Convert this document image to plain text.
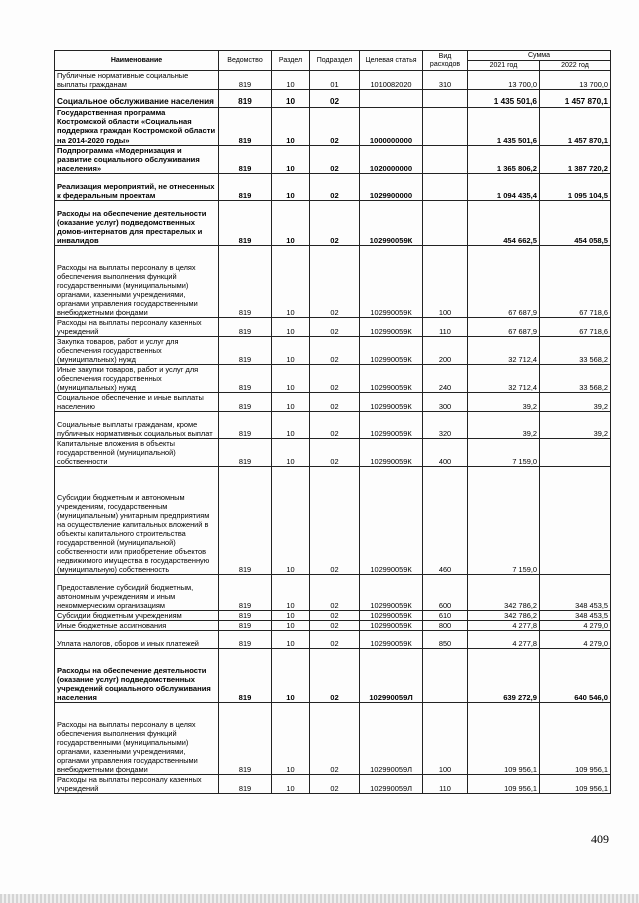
Наименование	Ведомство	Раздел	Подраздел	Целевая статья	Вид расходов	Сумма	
						2021 год	2022 год
Публичные нормативные социальные выплаты гражданам	819	10	01	1010082020	310	13 700,0	13 700,0
Социальное обслуживание населения	819	10	02			1 435 501,6	1 457 870,1
Государственная программа Костромской области «Социальная поддержка граждан Костромской области на 2014-2020 годы»	819	10	02	1000000000		1 435 501,6	1 457 870,1
Подпрограмма «Модернизация и развитие социального обслуживания населения»	819	10	02	1020000000		1 365 806,2	1 387 720,2
Реализация мероприятий, не отнесенных к федеральным проектам	819	10	02	1029900000		1 094 435,4	1 095 104,5
Расходы на обеспечение деятельности (оказание услуг) подведомственных домов-интернатов для престарелых и инвалидов	819	10	02	102990059К		454 662,5	454 058,5
Расходы на выплаты персоналу в целях обеспечения выполнения функций государственными (муниципальными) органами, казенными учреждениями, органами управления государственными внебюджетными фондами	819	10	02	102990059К	100	67 687,9	67 718,6
Расходы на выплаты персоналу казенных учреждений	819	10	02	102990059К	110	67 687,9	67 718,6
Закупка товаров, работ и услуг для обеспечения государственных (муниципальных) нужд	819	10	02	102990059К	200	32 712,4	33 568,2
Иные закупки товаров, работ и услуг для обеспечения государственных (муниципальных) нужд	819	10	02	102990059К	240	32 712,4	33 568,2
Социальное обеспечение и иные выплаты населению	819	10	02	102990059К	300	39,2	39,2
Социальные выплаты гражданам, кроме публичных нормативных социальных выплат	819	10	02	102990059К	320	39,2	39,2
Капитальные вложения в объекты государственной (муниципальной) собственности	819	10	02	102990059К	400	7 159,0	
Субсидии бюджетным и автономным учреждениям, государственным (муниципальным) унитарным предприятиям на осуществление капитальных вложений в объекты капитального строительства государственной (муниципальной) собственности или приобретение объектов недвижимого имущества в государственную (муниципальную) собственность	819	10	02	102990059К	460	7 159,0	
Предоставление субсидий бюджетным, автономным учреждениям и иным некоммерческим организациям	819	10	02	102990059К	600	342 786,2	348 453,5
Субсидии бюджетным учреждениям	819	10	02	102990059К	610	342 786,2	348 453,5
Иные бюджетные ассигнования	819	10	02	102990059К	800	4 277,8	4 279,0
Уплата налогов, сборов и иных платежей	819	10	02	102990059К	850	4 277,8	4 279,0
Расходы на обеспечение деятельности (оказание услуг) подведомственных учреждений социального обслуживания населения	819	10	02	102990059Л		639 272,9	640 546,0
Расходы на выплаты персоналу в целях обеспечения выполнения функций государственными (муниципальными) органами, казенными учреждениями, органами управления государственными внебюджетными фондами	819	10	02	102990059Л	100	109 956,1	109 956,1
Расходы на выплаты персоналу казенных учреждений	819	10	02	102990059Л	110	109 956,1	109 956,1
409
